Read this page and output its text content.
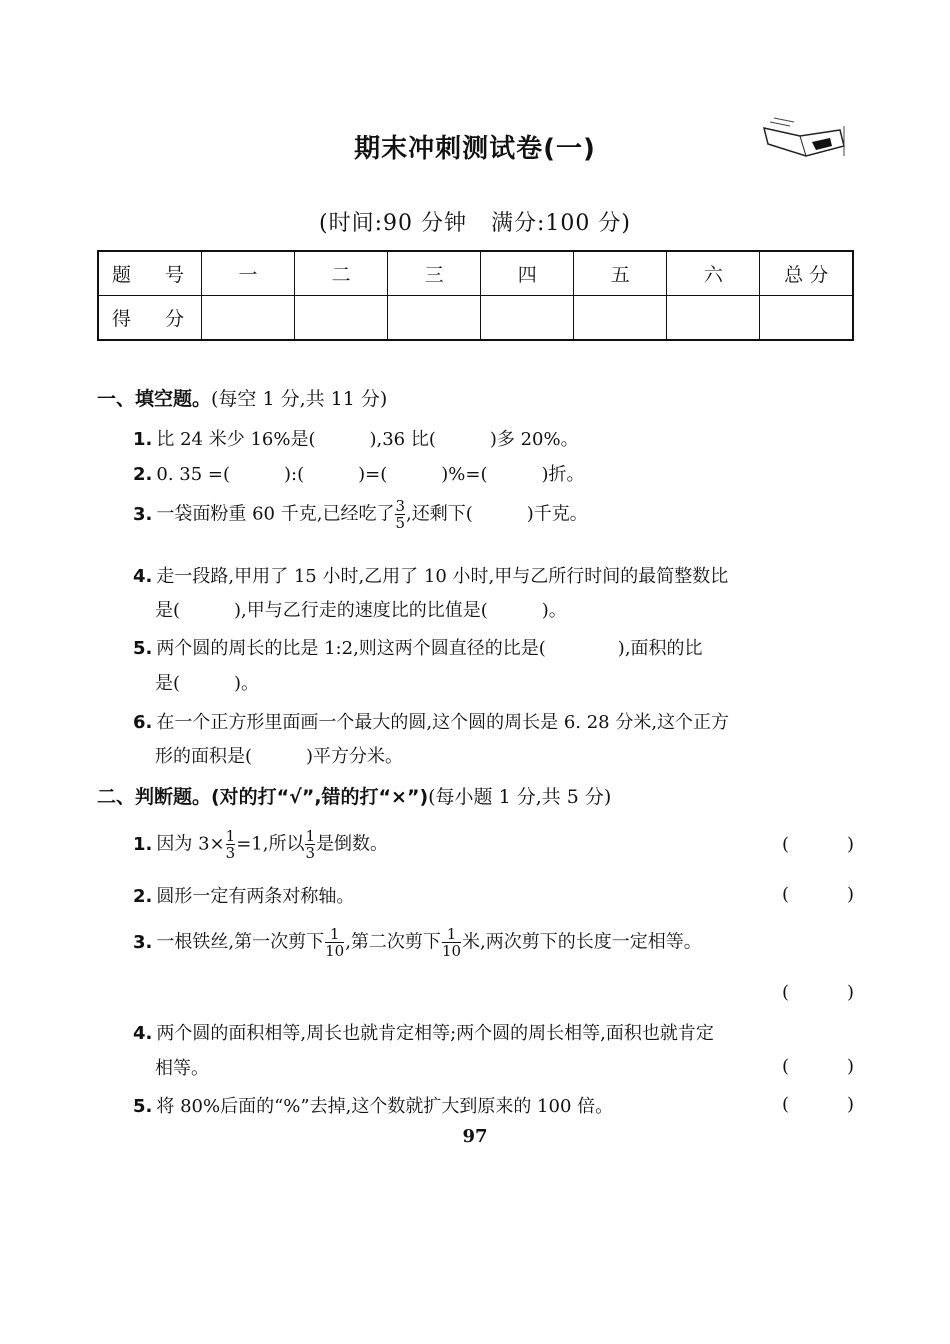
期末冲刺测试卷(一)
(时间:90 分钟 满分:100 分)
题 号	一	二	三	四	五	六	总 分
得 分							
一、填空题。(每空 1 分,共 11 分)
1. 比 24 米少 16%是(　　　),36 比(　　　)多 20%。
2. 0. 35 =(　　　):(　　　)=(　　　)%=(　　　)折。
3. 一袋面粉重 60 千克,已经吃了 $\frac{3}{5}$ ,还剩下(　　　)千克。
4. 走一段路,甲用了 15 小时,乙用了 10 小时,甲与乙所行时间的最简整数比
是(　　　),甲与乙行走的速度比的比值是(　　　)。
5. 两个圆的周长的比是 1:2,则这两个圆直径的比是(　　　　),面积的比
是(　　　)。
6. 在一个正方形里面画一个最大的圆,这个圆的周长是 6. 28 分米,这个正方
形的面积是(　　　)平方分米。
二、判断题。(对的打“√”,错的打“×”)(每小题 1 分,共 5 分)
1. 因为 $3\times \frac{1}{3} =1$,所以 $\frac{1}{3}$ 是倒数。	(	)
2. 圆形一定有两条对称轴。	(	)
3. 一根铁丝,第一次剪下 $\frac{1}{10}$ ,第二次剪下 $\frac{1}{10}$ 米,两次剪下的长度一定相等。
(	)
4. 两个圆的面积相等,周长也就肯定相等;两个圆的周长相等,面积也就肯定
相等。	(	)
5. 将 80%后面的“%”去掉,这个数就扩大到原来的 100 倍。	(	)
97
